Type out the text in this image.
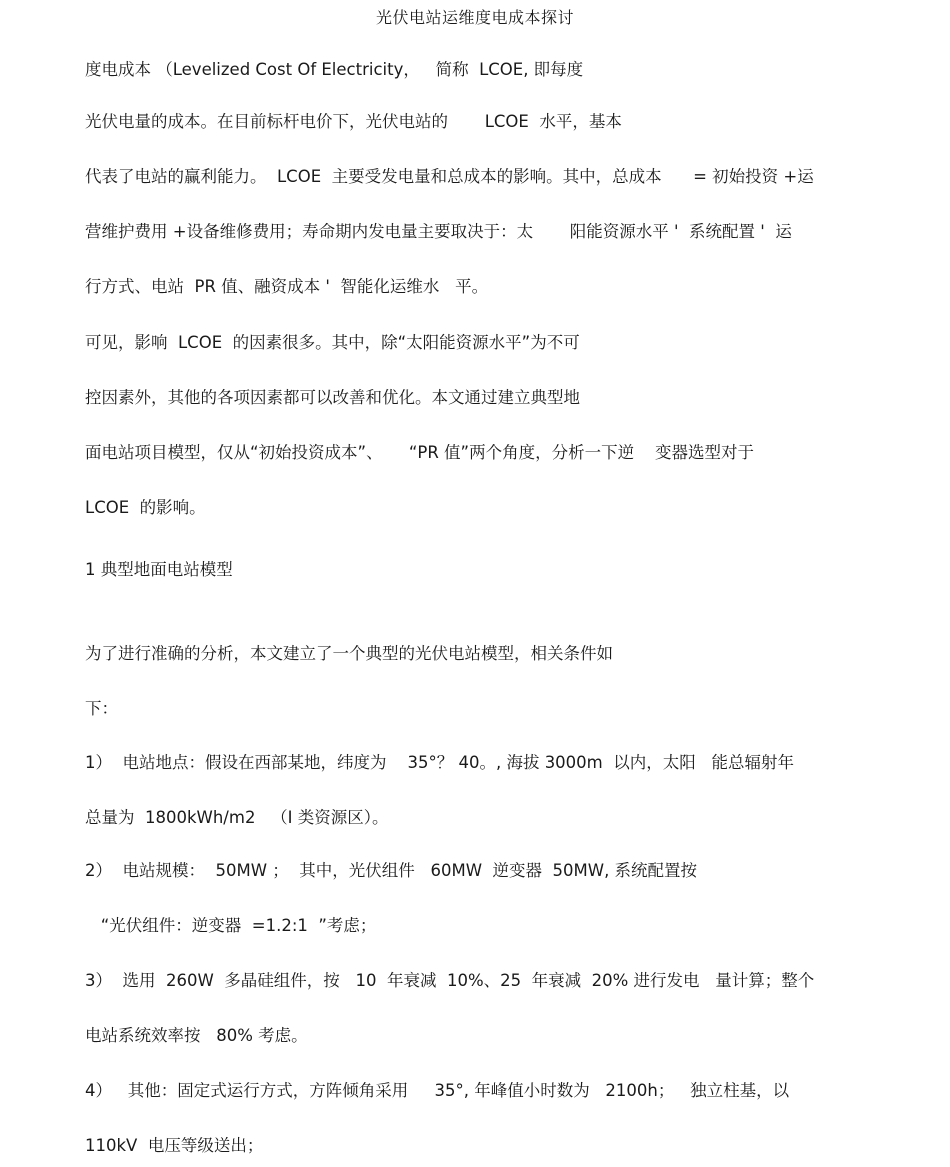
光伏电站运维度电成本探讨
度电成本 （Levelized Cost Of Electricity，   简称  LCOE, 即每度
光伏电量的成本。在目前标杆电价下，光伏电站的       LCOE  水平，基本
代表了电站的赢利能力。  LCOE  主要受发电量和总成本的影响。其中，总成本      = 初始投资 +运
营维护费用 +设备维修费用；寿命期内发电量主要取决于：太       阳能资源水平 '  系统配置 '  运
行方式、电站  PR 值、融资成本 '  智能化运维水   平。
可见，影响  LCOE  的因素很多。其中，除“太阳能资源水平”为不可
控因素外，其他的各项因素都可以改善和优化。本文通过建立典型地
面电站项目模型，仅从“初始投资成本”、     “PR 值”两个角度，分析一下逆    变器选型对于
LCOE  的影响。
1 典型地面电站模型
为了进行准确的分析，本文建立了一个典型的光伏电站模型，相关条件如
下：
1）  电站地点：假设在西部某地，纬度为    35°？ 40。, 海拔 3000m  以内，太阳   能总辐射年
总量为  1800kWh/m2   （I 类资源区）。
2）  电站规模：  50MW ；  其中，光伏组件   60MW  逆变器  50MW, 系统配置按
“光伏组件：逆变器  =1.2:1  ”考虑；
3）  选用  260W  多晶硅组件，按   10  年衰减  10%、25  年衰减  20% 进行发电   量计算；整个
电站系统效率按   80% 考虑。
4）   其他：固定式运行方式，方阵倾角采用     35°, 年峰值小时数为   2100h；   独立柱基，以
110kV  电压等级送出；
